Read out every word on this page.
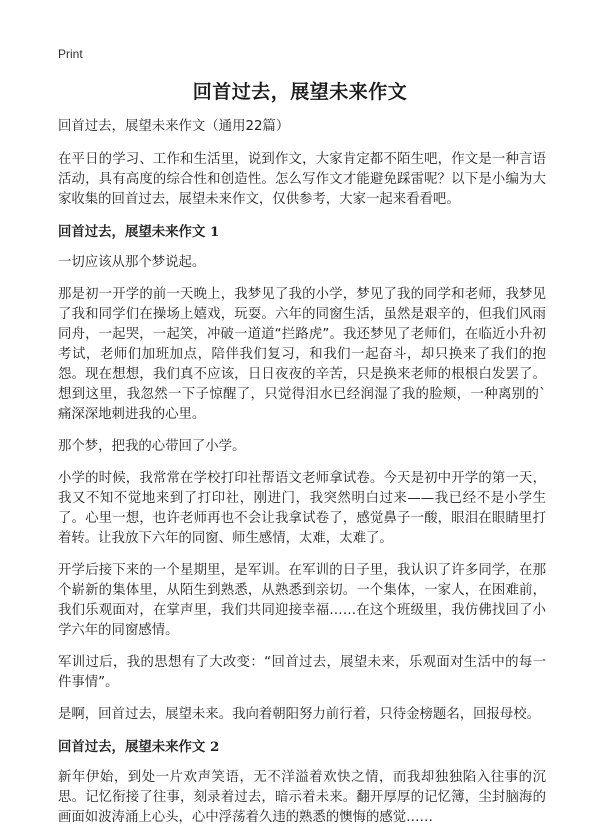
Print
回首过去，展望未来作文

回首过去，展望未来作文（通用22篇）

在平日的学习、工作和生活里，说到作文，大家肯定都不陌生吧，作文是一种言语活动，具有高度的综合性和创造性。怎么写作文才能避免踩雷呢？以下是小编为大家收集的回首过去，展望未来作文，仅供参考，大家一起来看看吧。

回首过去，展望未来作文 1

一切应该从那个梦说起。

那是初一开学的前一天晚上，我梦见了我的小学，梦见了我的同学和老师，我梦见了我和同学们在操场上嬉戏，玩耍。六年的同窗生活，虽然是艰辛的，但我们风雨同舟，一起哭，一起笑，冲破一道道“拦路虎”。我还梦见了老师们，在临近小升初考试，老师们加班加点，陪伴我们复习，和我们一起奋斗，却只换来了我们的抱怨。现在想想，我们真不应该，日日夜夜的辛苦，只是换来老师的根根白发罢了。想到这里，我忽然一下子惊醒了，只觉得泪水已经润湿了我的脸颊，一种离别的`痛深深地刺进我的心里。

那个梦，把我的心带回了小学。

小学的时候，我常常在学校打印社帮语文老师拿试卷。今天是初中开学的第一天，我又不知不觉地来到了打印社，刚进门，我突然明白过来——我已经不是小学生了。心里一想，也许老师再也不会让我拿试卷了，感觉鼻子一酸，眼泪在眼睛里打着转。让我放下六年的同窗、师生感情，太难，太难了。

开学后接下来的一个星期里，是军训。在军训的日子里，我认识了许多同学，在那个崭新的集体里，从陌生到熟悉，从熟悉到亲切。一个集体，一家人，在困难前，我们乐观面对，在掌声里，我们共同迎接幸福……在这个班级里，我仿佛找回了小学六年的同窗感情。

军训过后，我的思想有了大改变：“回首过去，展望未来，乐观面对生活中的每一件事情”。

是啊，回首过去，展望未来。我向着朝阳努力前行着，只待金榜题名，回报母校。

回首过去，展望未来作文 2

新年伊始，到处一片欢声笑语，无不洋溢着欢快之情，而我却独独陷入往事的沉思。记忆衔接了往事，刻录着过去，暗示着未来。翻开厚厚的记忆簿，尘封脑海的画面如波涛涌上心头，心中浮荡着久违的熟悉的懊悔的感觉……
